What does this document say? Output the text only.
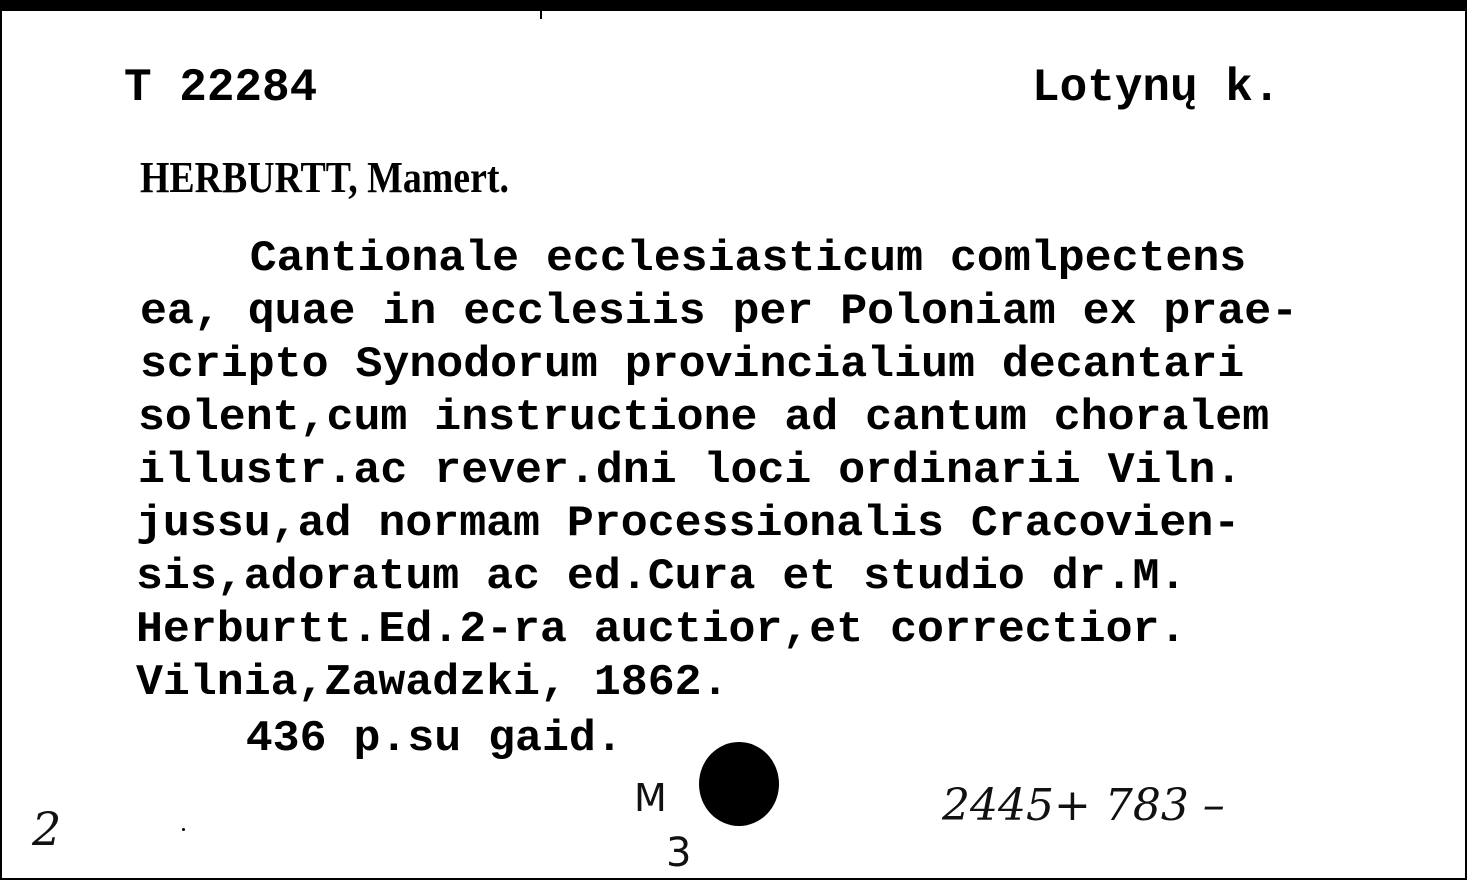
T 22284	Lotynų k.

HERBURTT, Mamert.

Cantionale ecclesiasticum comlpectens

ea, quae in ecclesiis per Poloniam ex prae-

scripto Synodorum provincialium decantari

solent,cum instructione ad cantum choralem

illustr.ac rever.dni loci ordinarii Viln.

jussu,ad normam Processionalis Cracovien-

sis,adoratum ac ed.Cura et studio dr.M.

Herburtt.Ed.2-ra auctior,et correctior.

Vilnia,Zawadzki, 1862.

436 p.su gaid.

2

M

3

2445+ 783 –
